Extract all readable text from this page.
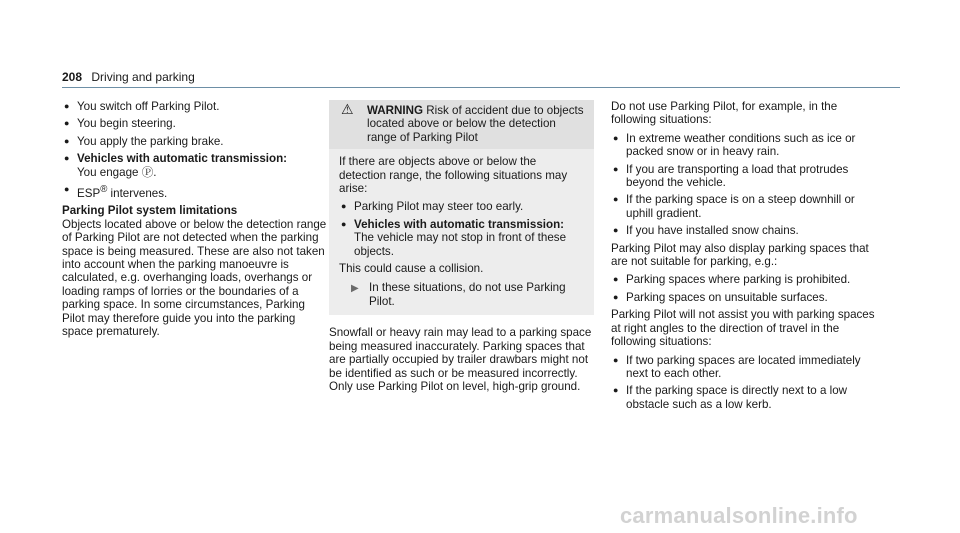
208 Driving and parking
● You switch off Parking Pilot.
● You begin steering.
● You apply the parking brake.
● Vehicles with automatic transmission:
You engage Ⓟ.
● ESP® intervenes.
Parking Pilot system limitations

Objects located above or below the detection range of Parking Pilot are not detected when the parking space is being measured. These are also not taken into account when the parking manoeuvre is calculated, e.g. overhanging loads, overhangs or loading ramps of lorries or the boundaries of a parking space. In some circumstances, Parking Pilot may therefore guide you into the parking space prematurely.

⚠ WARNING Risk of accident due to objects located above or below the detection range of Parking Pilot

If there are objects above or below the detection range, the following situations may arise:

● Parking Pilot may steer too early.
● Vehicles with automatic transmission: The vehicle may not stop in front of these objects.

This could cause a collision.

▶ In these situations, do not use Parking Pilot.

Snowfall or heavy rain may lead to a parking space being measured inaccurately. Parking spaces that are partially occupied by trailer drawbars might not be identified as such or be measured incorrectly. Only use Parking Pilot on level, high-grip ground.

Do not use Parking Pilot, for example, in the following situations:

● In extreme weather conditions such as ice or packed snow or in heavy rain.
● If you are transporting a load that protrudes beyond the vehicle.
● If the parking space is on a steep downhill or uphill gradient.
● If you have installed snow chains.

Parking Pilot may also display parking spaces that are not suitable for parking, e.g.:

● Parking spaces where parking is prohibited.
● Parking spaces on unsuitable surfaces.

Parking Pilot will not assist you with parking spaces at right angles to the direction of travel in the following situations:

● If two parking spaces are located immediately next to each other.
● If the parking space is directly next to a low obstacle such as a low kerb.
carmanualsonline.info
